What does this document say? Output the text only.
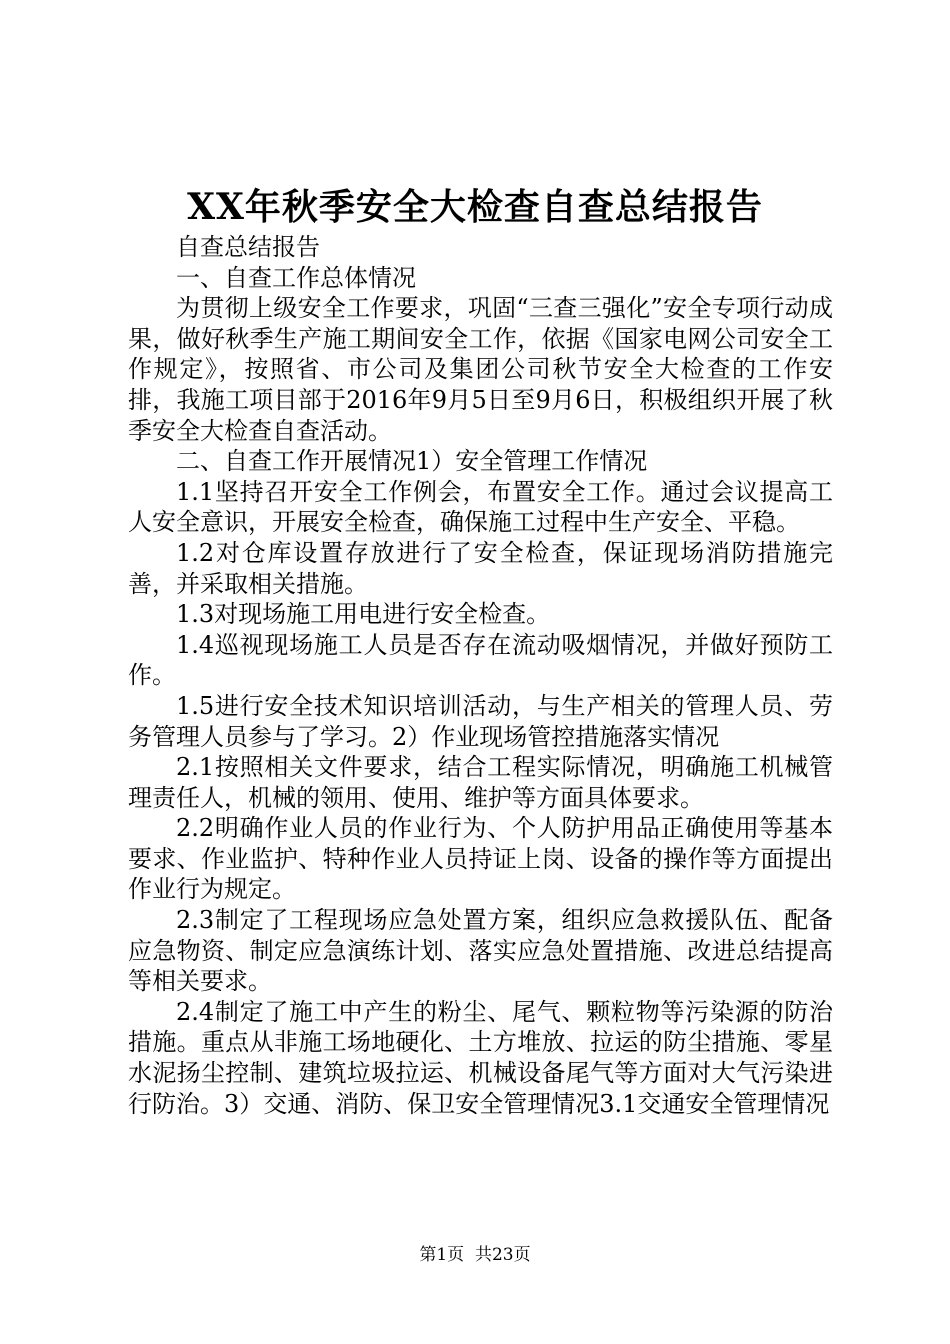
XX年秋季安全大检查自查总结报告

自查总结报告

一、自查工作总体情况

为贯彻上级安全工作要求，巩固“三查三强化”安全专项行动成果，做好秋季生产施工期间安全工作，依据《国家电网公司安全工作规定》，按照省、市公司及集团公司秋节安全大检查的工作安排，我施工项目部于2016年9月5日至9月6日，积极组织开展了秋季安全大检查自查活动。

二、自查工作开展情况1）安全管理工作情况

1.1坚持召开安全工作例会，布置安全工作。通过会议提高工人安全意识，开展安全检查，确保施工过程中生产安全、平稳。

1.2对仓库设置存放进行了安全检查，保证现场消防措施完善，并采取相关措施。

1.3对现场施工用电进行安全检查。

1.4巡视现场施工人员是否存在流动吸烟情况，并做好预防工作。

1.5进行安全技术知识培训活动，与生产相关的管理人员、劳务管理人员参与了学习。2）作业现场管控措施落实情况

2.1按照相关文件要求，结合工程实际情况，明确施工机械管理责任人，机械的领用、使用、维护等方面具体要求。

2.2明确作业人员的作业行为、个人防护用品正确使用等基本要求、作业监护、特种作业人员持证上岗、设备的操作等方面提出作业行为规定。

2.3制定了工程现场应急处置方案，组织应急救援队伍、配备应急物资、制定应急演练计划、落实应急处置措施、改进总结提高等相关要求。

2.4制定了施工中产生的粉尘、尾气、颗粒物等污染源的防治措施。重点从非施工场地硬化、土方堆放、拉运的防尘措施、零星水泥扬尘控制、建筑垃圾拉运、机械设备尾气等方面对大气污染进行防治。3）交通、消防、保卫安全管理情况3.1交通安全管理情况

第1页  共23页
